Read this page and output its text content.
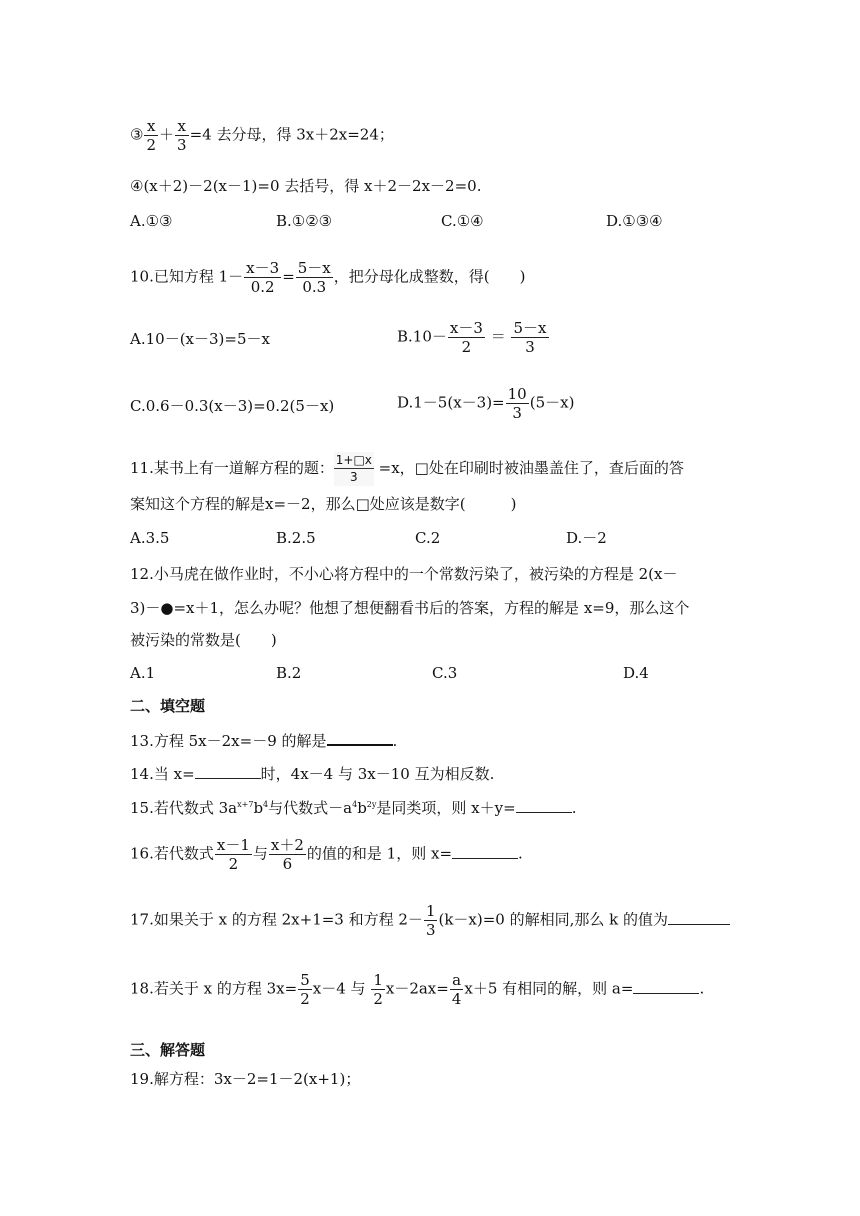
③ $\frac{x}{2} + \frac{x}{3} =4$ 去分母，得 3x＋2x=24；
④(x＋2)－2(x－1)=0 去括号，得 x＋2－2x－2=0.
A.①③	B.①②③	C.①④	D.①③④
10.已知方程 $1- \frac{x-3}{0.2} = \frac{5-x}{0.3}$ ，把分母化成整数，得(　　)
A.10－(x－3)=5－x	$B.10- \frac{x-3}{2} = \frac{5-x}{3}$
C.0.6－0.3(x－3)=0.2(5－x)	$D.1-5(x-3)= \frac{10}{3} (5-x)$
11.某书上有一道解方程的题： $\frac{1+□x}{3} =x$，□处在印刷时被油墨盖住了，查后面的答
案知这个方程的解是x=－2，那么□处应该是数字(　　　)
A.3.5	B.2.5	C.2	D.－2
12.小马虎在做作业时，不小心将方程中的一个常数污染了，被污染的方程是 2(x－
3)－●=x＋1，怎么办呢？他想了想便翻看书后的答案，方程的解是 x=9，那么这个
被污染的常数是(　　)
A.1	B.2	C.3	D.4
二、填空题
13.方程 5x－2x=－9 的解是	.
14.当 x=	时，4x－4 与 3x－10 互为相反数.
15.若代数式 $3a^{x+7}b^4$与代数式$-a^4b^{2y}$是同类项，则 x＋y=	.
16.若代数式 $\frac{x-1}{2}$ 与 $\frac{x+2}{6}$ 的值的和是 1，则 x=	.
17.如果关于 x 的方程 2x+1=3 和方程 $2- \frac{1}{3} (k-x)=0$ 的解相同,那么 k 的值为
18.若关于 x 的方程 $3x= \frac{5}{2} x-4$ 与 $\frac{1}{2} x-2ax= \frac{a}{4} x+5$ 有相同的解，则 a=	.
三、解答题
19.解方程：3x－2=1－2(x+1)；
